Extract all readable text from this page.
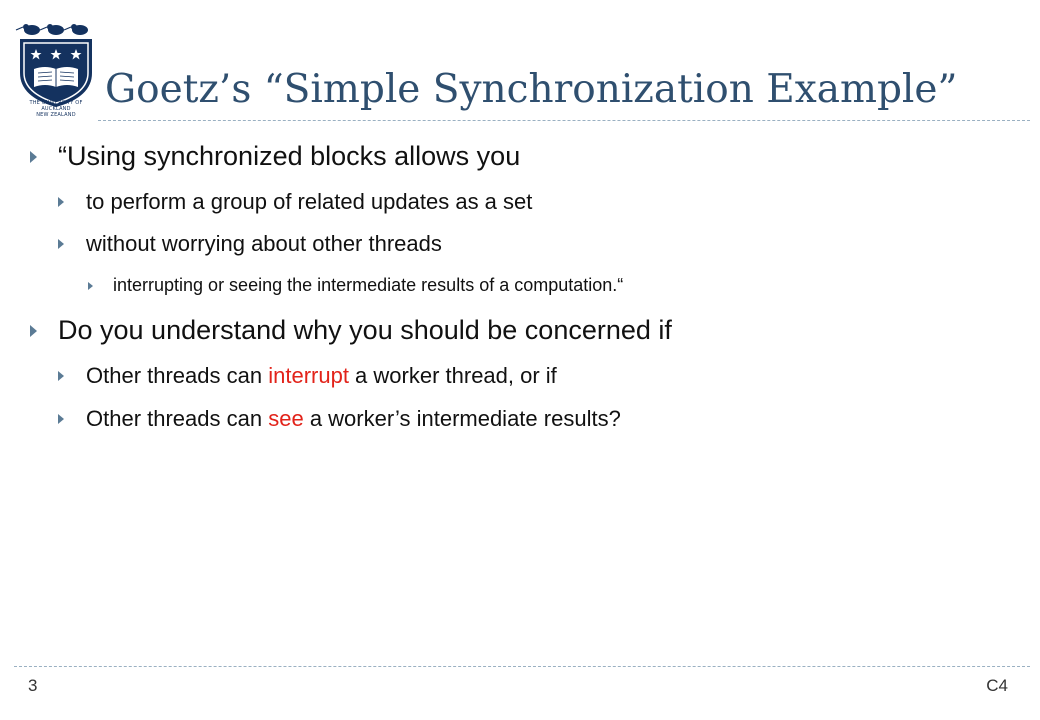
THE UNIVERSITY OF AUCKLAND
NEW ZEALAND
Goetz’s “Simple Synchronization Example”
“Using synchronized blocks allows you
to perform a group of related updates as a set
without worrying about other threads
interrupting or seeing the intermediate results of a computation.“
Do you understand why you should be concerned if
Other threads can interrupt a worker thread, or if
Other threads can see a worker’s intermediate results?
3	C4
